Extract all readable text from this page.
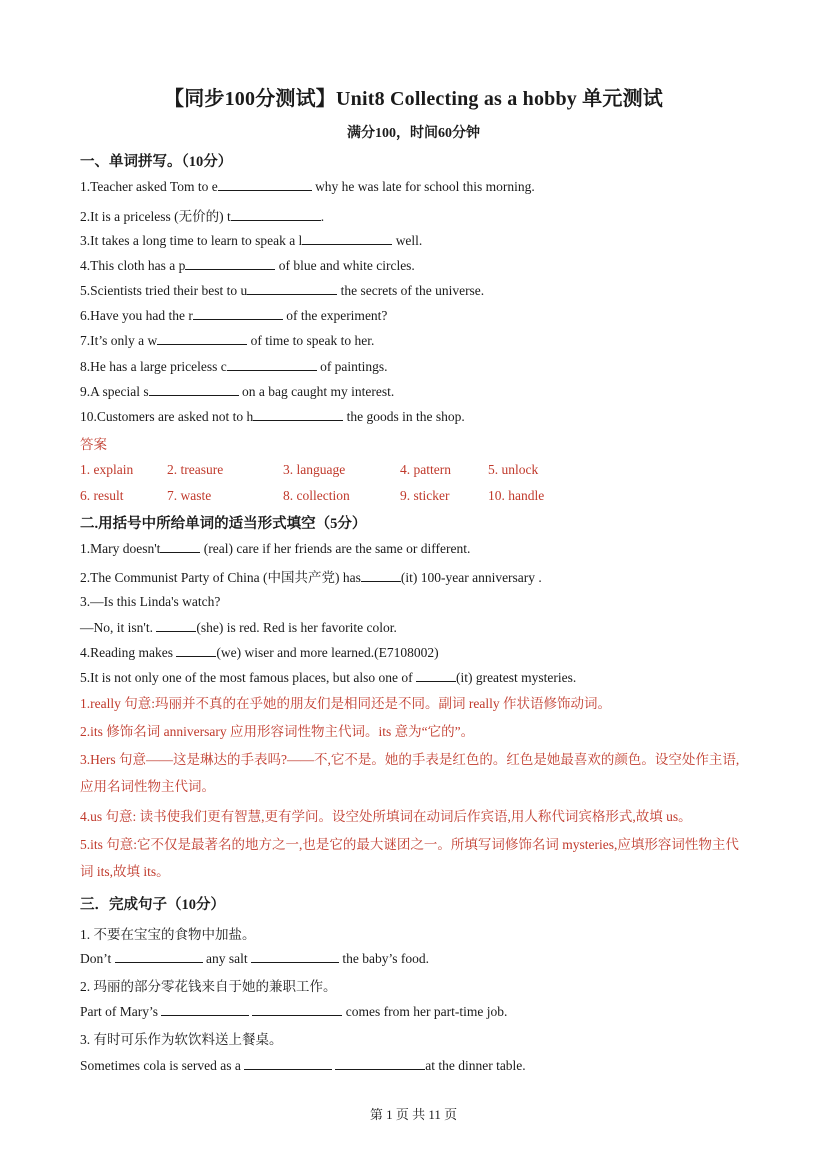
【同步100分测试】Unit8 Collecting as a hobby 单元测试
满分100，时间60分钟
一、单词拼写。（10分）
1.Teacher asked Tom to e	why he was late for school this morning.
2.It is a priceless (无价的) t	.
3.It takes a long time to learn to speak a l	well.
4.This cloth has a p	of blue and white circles.
5.Scientists tried their best to u	the secrets of the universe.
6.Have you had the r	of the experiment?
7.It’s only a w	of time to speak to her.
8.He has a large priceless c	of paintings.
9.A special s	on a bag caught my interest.
10.Customers are asked not to h	the goods in the shop.
答案
1. explain	2. treasure	3. language	4. pattern	5. unlock
6. result	7. waste	8. collection	9. sticker	10. handle
二.用括号中所给单词的适当形式填空（5分）
1.Mary doesn't	(real) care if her friends are the same or different.
2.The Communist Party of China (中国共产党) has	(it) 100-year anniversary .
3.—Is this Linda's watch?
—No, it isn't.	(she) is red. Red is her favorite color.
4.Reading makes	(we) wiser and more learned.(E7108002)
5.It is not only one of the most famous places, but also one of	(it) greatest mysteries.
1.really 句意:玛丽并不真的在乎她的朋友们是相同还是不同。副词 really 作状语修饰动词。
2.its 修饰名词 anniversary 应用形容词性物主代词。its 意为“它的”。
3.Hers 句意——这是琳达的手表吗?——不,它不是。她的手表是红色的。红色是她最喜欢的颜色。设空处作主语,应用名词性物主代词。
4.us 句意: 读书使我们更有智慧,更有学问。设空处所填词在动词后作宾语,用人称代词宾格形式,故填 us。
5.its 句意:它不仅是最著名的地方之一,也是它的最大谜团之一。所填写词修饰名词 mysteries,应填形容词性物主代词 its,故填 its。
三．完成句子（10分）
1. 不要在宝宝的食物中加盐。
Don’t	any salt	the baby’s food.
2. 玛丽的部分零花钱来自于她的兼职工作。
Part of Mary’s	comes from her part-time job.
3. 有时可乐作为软饮料送上餐桌。
Sometimes cola is served as a	at the dinner table.
第 1 页 共 11 页
